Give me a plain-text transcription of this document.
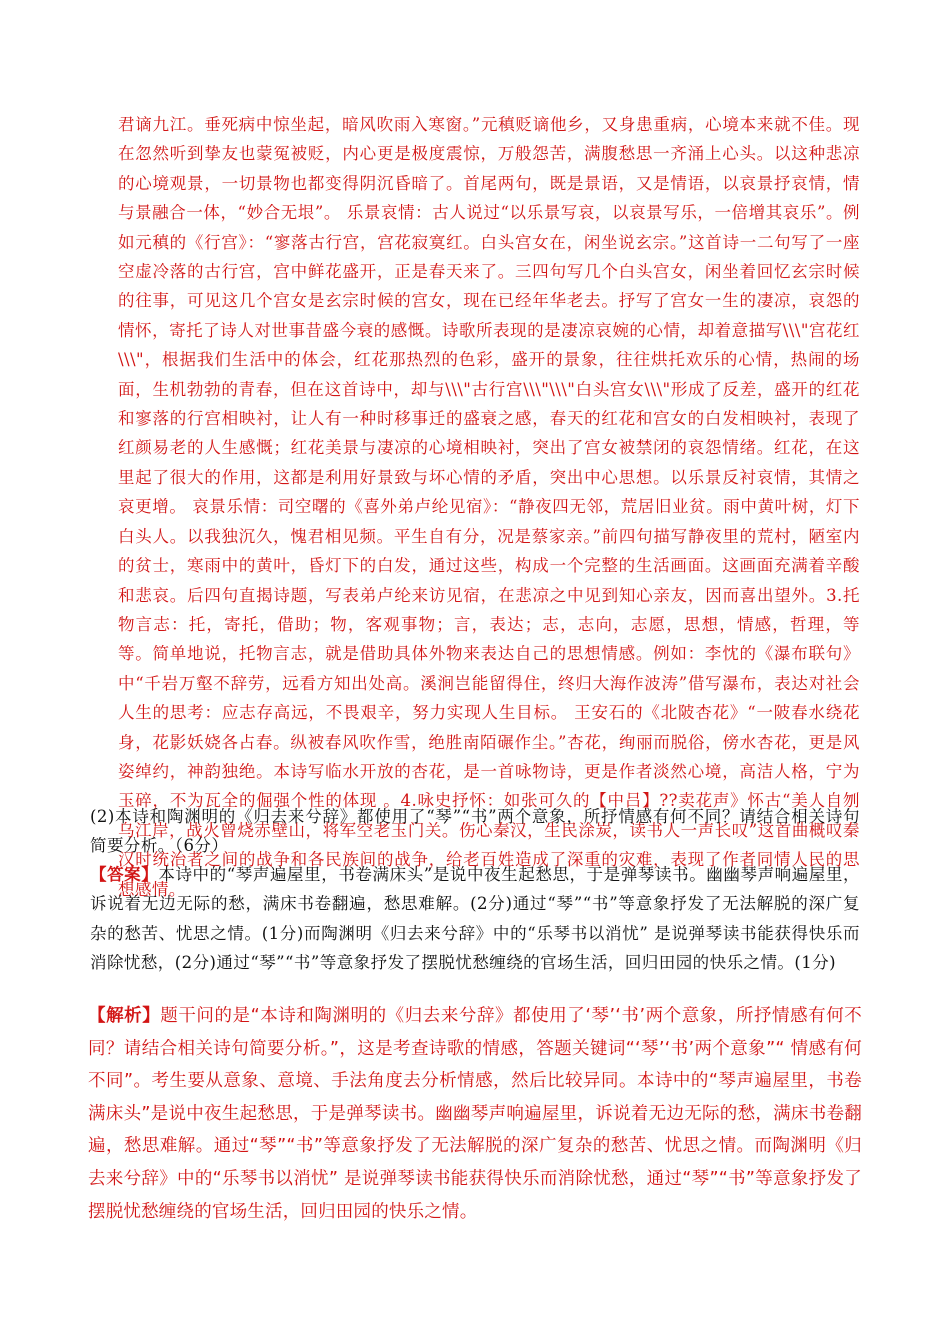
君谪九江。垂死病中惊坐起，暗风吹雨入寒窗。”元稹贬谪他乡，又身患重病，心境本来就不佳。现在忽然听到挚友也蒙冤被贬，内心更是极度震惊，万般怨苦，满腹愁思一齐涌上心头。以这种悲凉的心境观景，一切景物也都变得阴沉昏暗了。首尾两句，既是景语，又是情语，以哀景抒哀情，情与景融合一体，“妙合无垠”。 乐景哀情：古人说过“以乐景写哀，以哀景写乐，一倍增其哀乐”。例如元稹的《行宫》：“寥落古行宫，宫花寂寞红。白头宫女在，闲坐说玄宗。”这首诗一二句写了一座空虚冷落的古行宫，宫中鲜花盛开，正是春天来了。三四句写几个白头宫女，闲坐着回忆玄宗时候的往事，可见这几个宫女是玄宗时候的宫女，现在已经年华老去。抒写了宫女一生的凄凉，哀怨的情怀，寄托了诗人对世事昔盛今衰的感慨。诗歌所表现的是凄凉哀婉的心情，却着意描写\\\"宫花红\\\"，根据我们生活中的体会，红花那热烈的色彩，盛开的景象，往往烘托欢乐的心情，热闹的场面，生机勃勃的青春，但在这首诗中，却与\\\"古行宫\\\"\\\"白头宫女\\\"形成了反差，盛开的红花和寥落的行宫相映衬，让人有一种时移事迁的盛衰之感，春天的红花和宫女的白发相映衬，表现了红颜易老的人生感慨；红花美景与凄凉的心境相映衬，突出了宫女被禁闭的哀怨情绪。红花，在这里起了很大的作用，这都是利用好景致与坏心情的矛盾，突出中心思想。以乐景反衬哀情，其情之哀更增。 哀景乐情：司空曙的《喜外弟卢纶见宿》：“静夜四无邻，荒居旧业贫。雨中黄叶树，灯下白头人。以我独沉久，愧君相见频。平生自有分，况是蔡家亲。”前四句描写静夜里的荒村，陋室内的贫士，寒雨中的黄叶，昏灯下的白发，通过这些，构成一个完整的生活画面。这画面充满着辛酸和悲哀。后四句直揭诗题，写表弟卢纶来访见宿，在悲凉之中见到知心亲友，因而喜出望外。3.托物言志：托，寄托，借助；物，客观事物；言，表达；志，志向，志愿，思想，情感，哲理，等等。简单地说，托物言志，就是借助具体外物来表达自己的思想情感。例如：李忱的《瀑布联句》中“千岩万壑不辞劳，远看方知出处高。溪涧岂能留得住，终归大海作波涛”借写瀑布，表达对社会人生的思考：应志存高远，不畏艰辛，努力实现人生目标。 王安石的《北陂杏花》“一陂春水绕花身，花影妖娆各占春。纵被春风吹作雪，绝胜南陌碾作尘。”杏花，绚丽而脱俗，傍水杏花，更是风姿绰约，神韵独绝。本诗写临水开放的杏花，是一首咏物诗，更是作者淡然心境，高洁人格，宁为玉碎，不为瓦全的倔强个性的体现 。4.咏史抒怀：如张可久的【中吕】??卖花声》怀古“美人自刎乌江岸，战火曾烧赤壁山，将军空老玉门关。伤心秦汉，生民涂炭，读书人一声长叹”这首曲概叹秦汉时统治者之间的战争和各民族间的战争，给老百姓造成了深重的灾难，表现了作者同情人民的思想感情。

(2)本诗和陶渊明的《归去来兮辞》都使用了“琴”“书”两个意象，所抒情感有何不同？请结合相关诗句简要分析。（6分）

【答案】本诗中的“琴声遍屋里，书卷满床头”是说中夜生起愁思，于是弹琴读书。幽幽琴声响遍屋里，诉说着无边无际的愁，满床书卷翻遍，愁思难解。(2分)通过“琴”“书”等意象抒发了无法解脱的深广复杂的愁苦、忧思之情。(1分)而陶渊明《归去来兮辞》中的“乐琴书以消忧” 是说弹琴读书能获得快乐而消除忧愁，(2分)通过“琴”“书”等意象抒发了摆脱忧愁缠绕的官场生活，回归田园的快乐之情。(1分)

【解析】题干问的是“本诗和陶渊明的《归去来兮辞》都使用了‘琴’‘书’两个意象，所抒情感有何不同？请结合相关诗句简要分析。”，这是考查诗歌的情感，答题关键词“‘琴’‘书’两个意象”“ 情感有何不同”。考生要从意象、意境、手法角度去分析情感，然后比较异同。本诗中的“琴声遍屋里，书卷满床头”是说中夜生起愁思，于是弹琴读书。幽幽琴声响遍屋里，诉说着无边无际的愁，满床书卷翻遍，愁思难解。通过“琴”“书”等意象抒发了无法解脱的深广复杂的愁苦、忧思之情。而陶渊明《归去来兮辞》中的“乐琴书以消忧” 是说弹琴读书能获得快乐而消除忧愁，通过“琴”“书”等意象抒发了摆脱忧愁缠绕的官场生活，回归田园的快乐之情。
